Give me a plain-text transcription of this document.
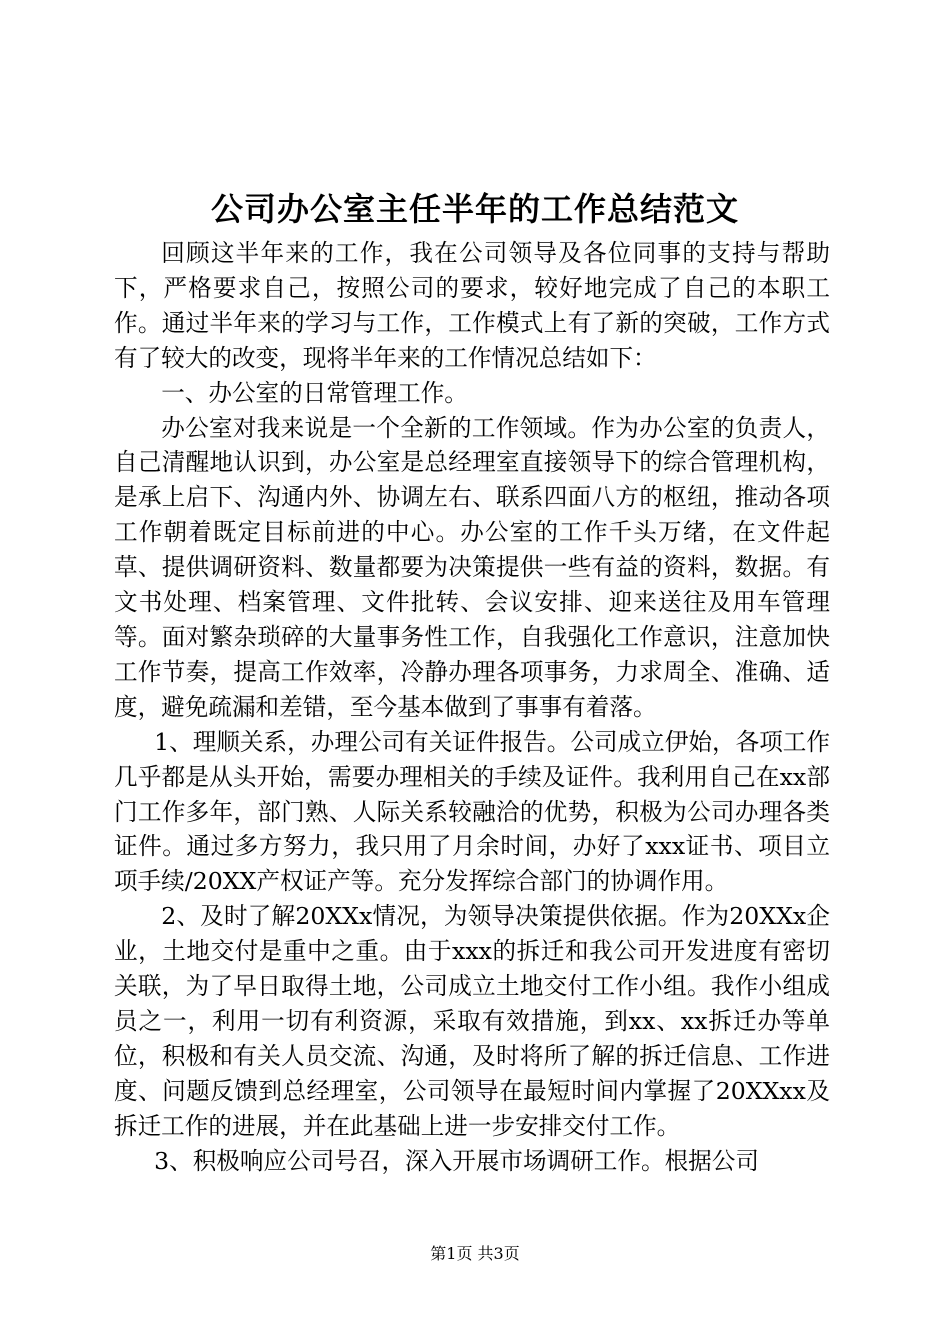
公司办公室主任半年的工作总结范文

回顾这半年来的工作，我在公司领导及各位同事的支持与帮助下，严格要求自己，按照公司的要求，较好地完成了自己的本职工作。通过半年来的学习与工作，工作模式上有了新的突破，工作方式有了较大的改变，现将半年来的工作情况总结如下：

一、办公室的日常管理工作。

办公室对我来说是一个全新的工作领域。作为办公室的负责人，自己清醒地认识到，办公室是总经理室直接领导下的综合管理机构，是承上启下、沟通内外、协调左右、联系四面八方的枢纽，推动各项工作朝着既定目标前进的中心。办公室的工作千头万绪，在文件起草、提供调研资料、数量都要为决策提供一些有益的资料，数据。有文书处理、档案管理、文件批转、会议安排、迎来送往及用车管理等。面对繁杂琐碎的大量事务性工作，自我强化工作意识，注意加快工作节奏，提高工作效率，冷静办理各项事务，力求周全、准确、适度，避免疏漏和差错，至今基本做到了事事有着落。

1、理顺关系，办理公司有关证件报告。公司成立伊始，各项工作几乎都是从头开始，需要办理相关的手续及证件。我利用自己在xx部门工作多年，部门熟、人际关系较融洽的优势，积极为公司办理各类证件。通过多方努力，我只用了月余时间，办好了xxx证书、项目立项手续/20XX产权证产等。充分发挥综合部门的协调作用。

2、及时了解20XXx情况，为领导决策提供依据。作为20XXx企业，土地交付是重中之重。由于xxx的拆迁和我公司开发进度有密切关联，为了早日取得土地，公司成立土地交付工作小组。我作小组成员之一，利用一切有利资源，采取有效措施，到xx、xx拆迁办等单位，积极和有关人员交流、沟通，及时将所了解的拆迁信息、工作进度、问题反馈到总经理室，公司领导在最短时间内掌握了20XXxx及拆迁工作的进展，并在此基础上进一步安排交付工作。

3、积极响应公司号召，深入开展市场调研工作。根据公司

第1页 共3页
